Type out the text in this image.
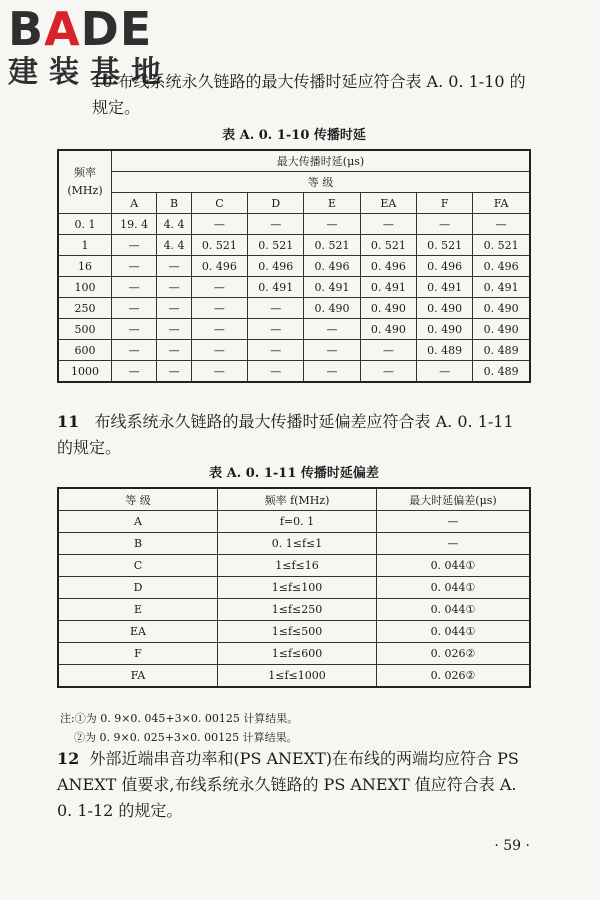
BADE
建装基地
10 布线系统永久链路的最大传播时延应符合表 A. 0. 1-10 的规定。
表 A. 0. 1-10 传播时延
频率(MHz)	最大传播时延(μs)							
	等 级							
	A	B	C	D	E	EA	F	FA
0. 1	19. 4	4. 4	—	—	—	—	—	—
1	—	4. 4	0. 521	0. 521	0. 521	0. 521	0. 521	0. 521
16	—	—	0. 496	0. 496	0. 496	0. 496	0. 496	0. 496
100	—	—	—	0. 491	0. 491	0. 491	0. 491	0. 491
250	—	—	—	—	0. 490	0. 490	0. 490	0. 490
500	—	—	—	—	—	0. 490	0. 490	0. 490
600	—	—	—	—	—	—	0. 489	0. 489
1000	—	—	—	—	—	—	—	0. 489
11 布线系统永久链路的最大传播时延偏差应符合表 A. 0. 1-11 的规定。
表 A. 0. 1-11 传播时延偏差
等 级	频率 f(MHz)	最大时延偏差(μs)
A	f=0. 1	—
B	0. 1≤f≤1	—
C	1≤f≤16	0. 044①
D	1≤f≤100	0. 044①
E	1≤f≤250	0. 044①
EA	1≤f≤500	0. 044①
F	1≤f≤600	0. 026②
FA	1≤f≤1000	0. 026②
注:①为 0. 9×0. 045+3×0. 00125 计算结果。
②为 0. 9×0. 025+3×0. 00125 计算结果。
12 外部近端串音功率和(PS ANEXT)在布线的两端均应符合 PS ANEXT 值要求,布线系统永久链路的 PS ANEXT 值应符合表 A. 0. 1-12 的规定。
· 59 ·
